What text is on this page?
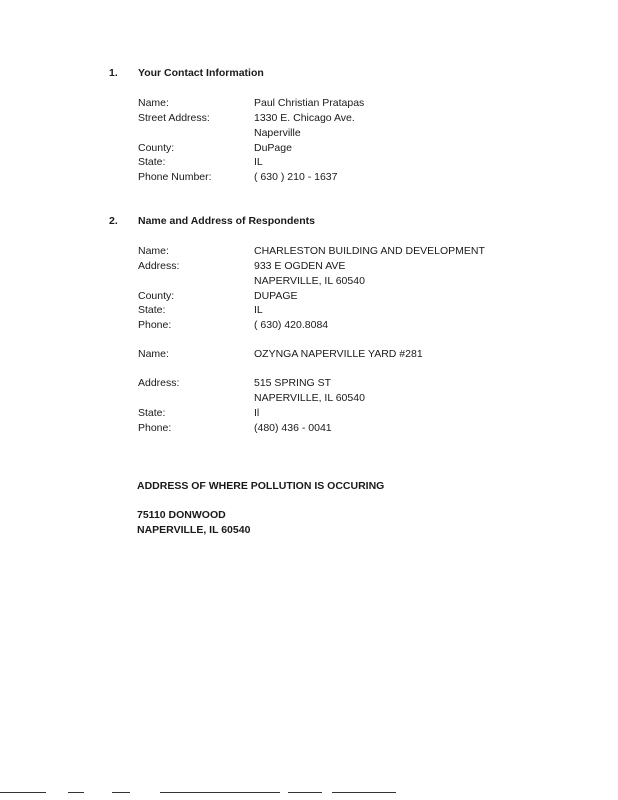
1. Your Contact Information
Name:	Paul Christian Pratapas
Street Address:	1330 E. Chicago Ave.
Naperville
County:	DuPage
State:	IL
Phone Number:	( 630 ) 210 - 1637
2. Name and Address of Respondents
Name:	CHARLESTON BUILDING AND DEVELOPMENT
Address:	933 E OGDEN AVE
NAPERVILLE, IL 60540
County:	DUPAGE
State:	IL
Phone:	( 630) 420.8084
Name:	OZYNGA NAPERVILLE YARD #281
Address:	515 SPRING ST
NAPERVILLE, IL 60540
State:	Il
Phone:	(480) 436 - 0041
ADDRESS OF WHERE POLLUTION IS OCCURING
75110 DONWOOD
NAPERVILLE, IL 60540
